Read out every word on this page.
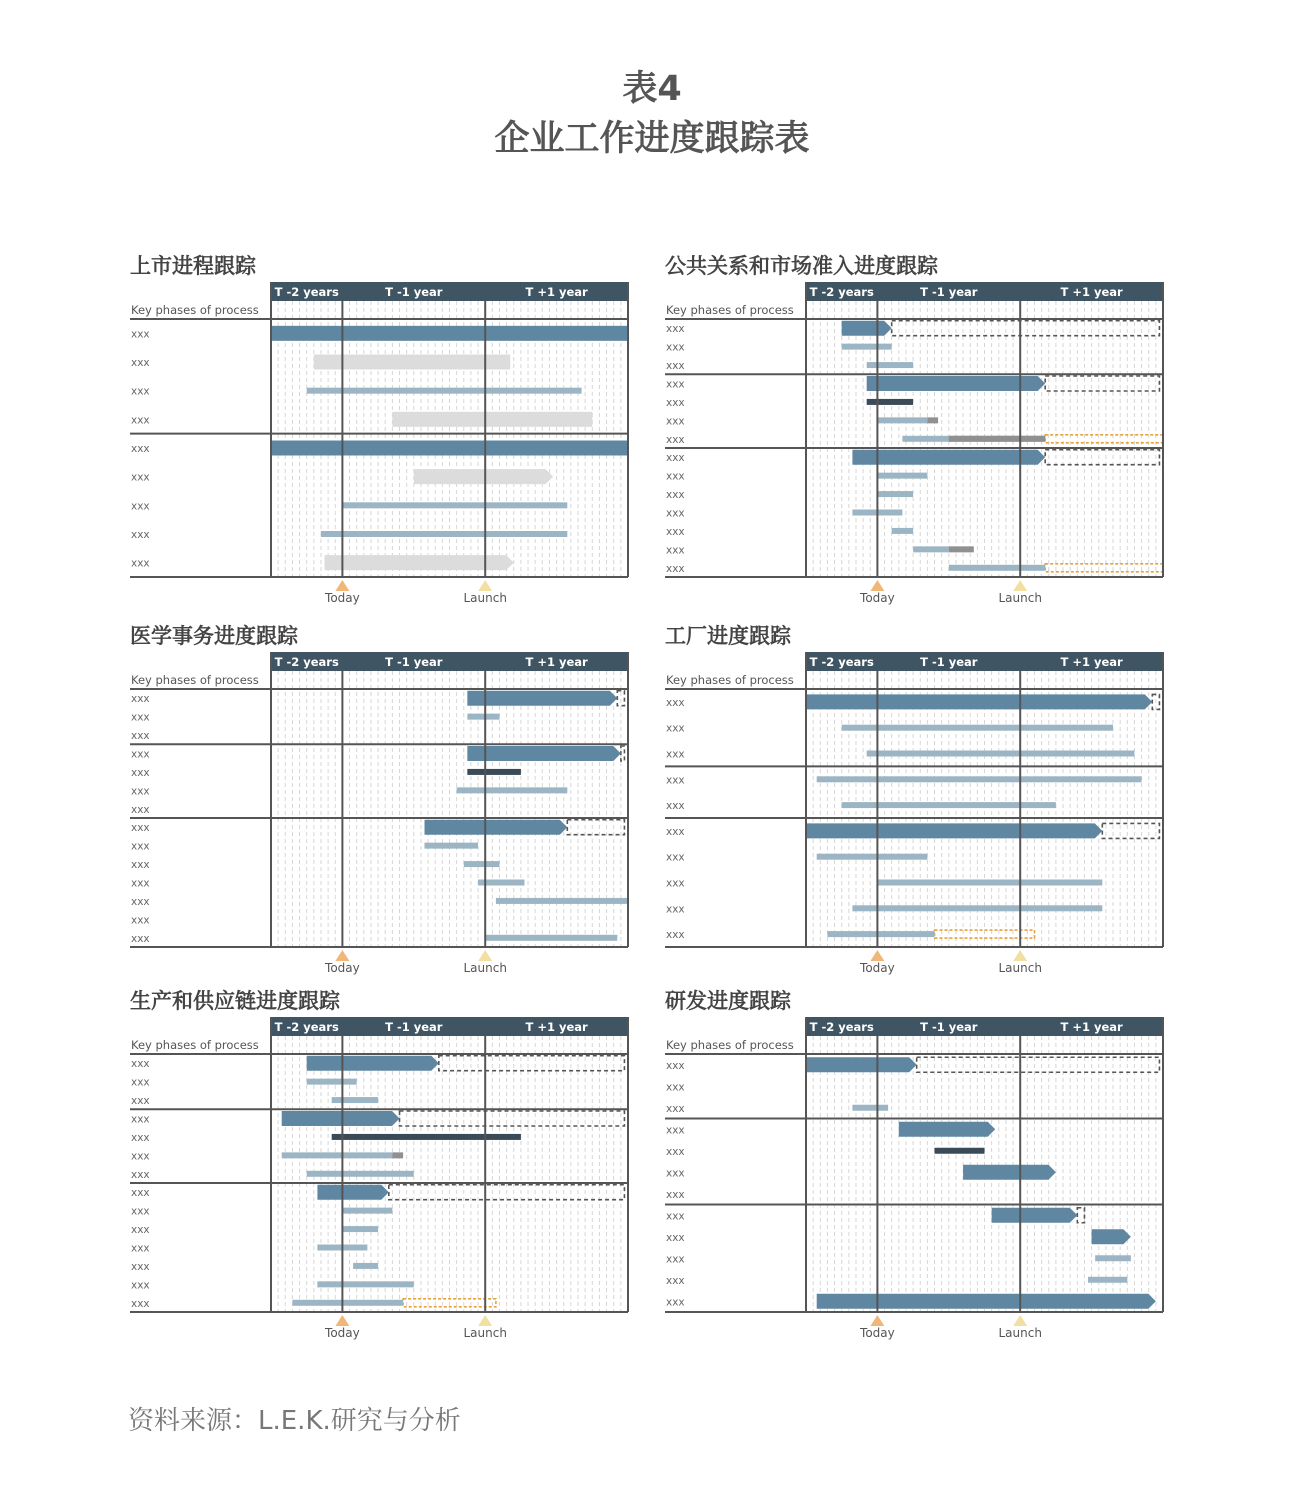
表4
企业工作进度跟踪表
上市进程跟踪
T -2 years	T -1 year	T +1 year
Key phases of process
xxx
xxx
xxx
xxx
xxx
xxx
xxx
xxx
xxx
Today	Launch
公共关系和市场准入进度跟踪
T -2 years	T -1 year	T +1 year
Key phases of process
xxx
xxx
xxx
xxx
xxx
xxx
xxx
xxx
xxx
xxx
xxx
xxx
xxx
xxx
Today	Launch
医学事务进度跟踪
T -2 years	T -1 year	T +1 year
Key phases of process
xxx
xxx
xxx
xxx
xxx
xxx
xxx
xxx
xxx
xxx
xxx
xxx
xxx
xxx
Today	Launch
工厂进度跟踪
T -2 years	T -1 year	T +1 year
Key phases of process
xxx
xxx
xxx
xxx
xxx
xxx
xxx
xxx
xxx
xxx
Today	Launch
生产和供应链进度跟踪
T -2 years	T -1 year	T +1 year
Key phases of process
xxx
xxx
xxx
xxx
xxx
xxx
xxx
xxx
xxx
xxx
xxx
xxx
xxx
xxx
Today	Launch
研发进度跟踪
T -2 years	T -1 year	T +1 year
Key phases of process
xxx
xxx
xxx
xxx
xxx
xxx
xxx
xxx
xxx
xxx
xxx
xxx
Today	Launch
资料来源：L.E.K.研究与分析
